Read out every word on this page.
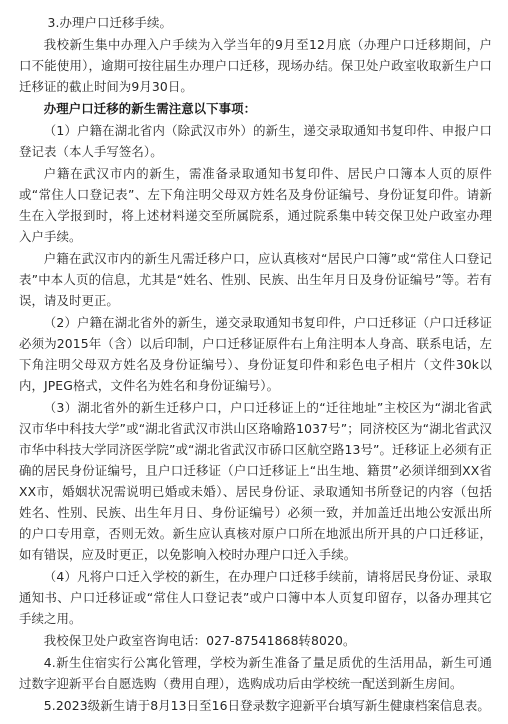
3.办理户口迁移手续。

我校新生集中办理入户手续为入学当年的9月至12月底（办理户口迁移期间，户口不能使用），逾期可按往届生办理户口迁移，现场办结。保卫处户政室收取新生户口迁移证的截止时间为9月30日。

办理户口迁移的新生需注意以下事项：

（1）户籍在湖北省内（除武汉市外）的新生，递交录取通知书复印件、申报户口登记表（本人手写签名）。

户籍在武汉市内的新生，需准备录取通知书复印件、居民户口簿本人页的原件或“常住人口登记表”、左下角注明父母双方姓名及身份证编号、身份证复印件。请新生在入学报到时，将上述材料递交至所属院系，通过院系集中转交保卫处户政室办理入户手续。

户籍在武汉市内的新生凡需迁移户口，应认真核对“居民户口簿”或“常住人口登记表”中本人页的信息，尤其是“姓名、性别、民族、出生年月日及身份证编号”等。若有误，请及时更正。

（2）户籍在湖北省外的新生，递交录取通知书复印件，户口迁移证（户口迁移证必须为2015年（含）以后印制，户口迁移证原件右上角注明本人身高、联系电话，左下角注明父母双方姓名及身份证编号）、身份证复印件和彩色电子相片（文件30k以内，JPEG格式，文件名为姓名和身份证编号）。

（3）湖北省外的新生迁移户口，户口迁移证上的“迁往地址”主校区为“湖北省武汉市华中科技大学”或“湖北省武汉市洪山区珞喻路1037号”；同济校区为“湖北省武汉市华中科技大学同济医学院”或“湖北省武汉市硚口区航空路13号”。迁移证上必须有正确的居民身份证编号，且户口迁移证（户口迁移证上“出生地、籍贯”必须详细到XX省XX市，婚姻状况需说明已婚或未婚）、居民身份证、录取通知书所登记的内容（包括姓名、性别、民族、出生年月日、身份证编号）必须一致，并加盖迁出地公安派出所的户口专用章，否则无效。新生应认真核对原户口所在地派出所开具的户口迁移证，如有错误，应及时更正，以免影响入校时办理户口迁入手续。

（4）凡将户口迁入学校的新生，在办理户口迁移手续前，请将居民身份证、录取通知书、户口迁移证或“常住人口登记表”或户口簿中本人页复印留存，以备办理其它手续之用。

我校保卫处户政室咨询电话：027-87541868转8020。

4.新生住宿实行公寓化管理，学校为新生准备了量足质优的生活用品，新生可通过数字迎新平台自愿选购（费用自理），选购成功后由学校统一配送到新生房间。

5.2023级新生请于8月13日至16日登录数字迎新平台填写新生健康档案信息表。
